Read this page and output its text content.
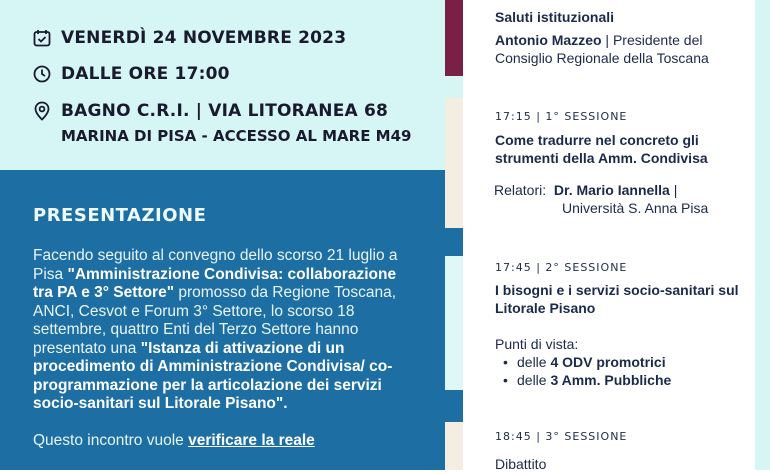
VENERDÌ 24 NOVEMBRE 2023
DALLE ORE 17:00
BAGNO C.R.I. | VIA LITORANEA 68
MARINA DI PISA - ACCESSO AL MARE M49
PRESENTAZIONE
Facendo seguito al convegno dello scorso 21 luglio a Pisa "Amministrazione Condivisa: collaborazione tra PA e 3° Settore" promosso da Regione Toscana, ANCI, Cesvot e Forum 3° Settore, lo scorso 18 settembre, quattro Enti del Terzo Settore hanno presentato una "Istanza di attivazione di un procedimento di Amministrazione Condivisa/ co-programmazione per la articolazione dei servizi socio-sanitari sul Litorale Pisano".

Questo incontro vuole verificare la reale
Saluti istituzionali
Antonio Mazzeo | Presidente del Consiglio Regionale della Toscana
17:15 | 1° SESSIONE
Come tradurre nel concreto gli strumenti della Amm. Condivisa
Relatori: Dr. Mario Iannella |
Università S. Anna Pisa
17:45 | 2° SESSIONE
I bisogni e i servizi socio-sanitari sul Litorale Pisano
Punti di vista:
• delle 4 ODV promotrici
• delle 3 Amm. Pubbliche
18:45 | 3° SESSIONE
Dibattito
